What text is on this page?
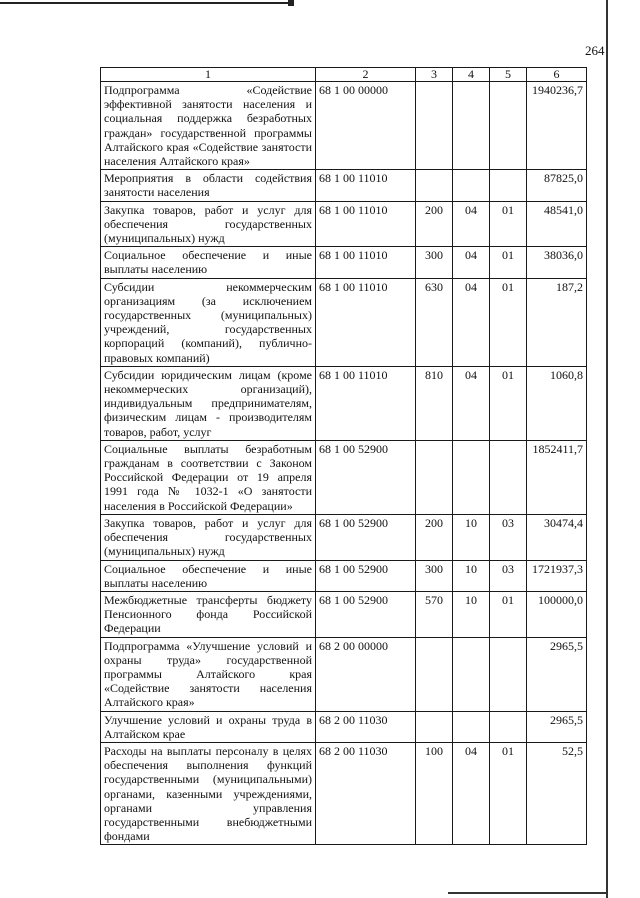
264
1	2	3	4	5	6
Подпрограмма «Содействие эффективной занятости населения и социальная поддержка безработных граждан» государственной программы Алтайского края «Содействие занятости населения Алтайского края»	68 1 00 00000				1940236,7
Мероприятия в области содействия занятости населения	68 1 00 11010				87825,0
Закупка товаров, работ и услуг для обеспечения государственных (муниципальных) нужд	68 1 00 11010	200	04	01	48541,0
Социальное обеспечение и иные выплаты населению	68 1 00 11010	300	04	01	38036,0
Субсидии некоммерческим организациям (за исключением государственных (муниципальных) учреждений, государственных корпораций (компаний), публично-правовых компаний)	68 1 00 11010	630	04	01	187,2
Субсидии юридическим лицам (кроме некоммерческих организаций), индивидуальным предпринимателям, физическим лицам - производителям товаров, работ, услуг	68 1 00 11010	810	04	01	1060,8
Социальные выплаты безработным гражданам в соответствии с Законом Российской Федерации от 19 апреля 1991 года № 1032-1 «О занятости населения в Российской Федерации»	68 1 00 52900				1852411,7
Закупка товаров, работ и услуг для обеспечения государственных (муниципальных) нужд	68 1 00 52900	200	10	03	30474,4
Социальное обеспечение и иные выплаты населению	68 1 00 52900	300	10	03	1721937,3
Межбюджетные трансферты бюджету Пенсионного фонда Российской Федерации	68 1 00 52900	570	10	01	100000,0
Подпрограмма «Улучшение условий и охраны труда» государственной программы Алтайского края «Содействие занятости населения Алтайского края»	68 2 00 00000				2965,5
Улучшение условий и охраны труда в Алтайском крае	68 2 00 11030				2965,5
Расходы на выплаты персоналу в целях обеспечения выполнения функций государственными (муниципальными) органами, казенными учреждениями, органами управления государственными внебюджетными фондами	68 2 00 11030	100	04	01	52,5
